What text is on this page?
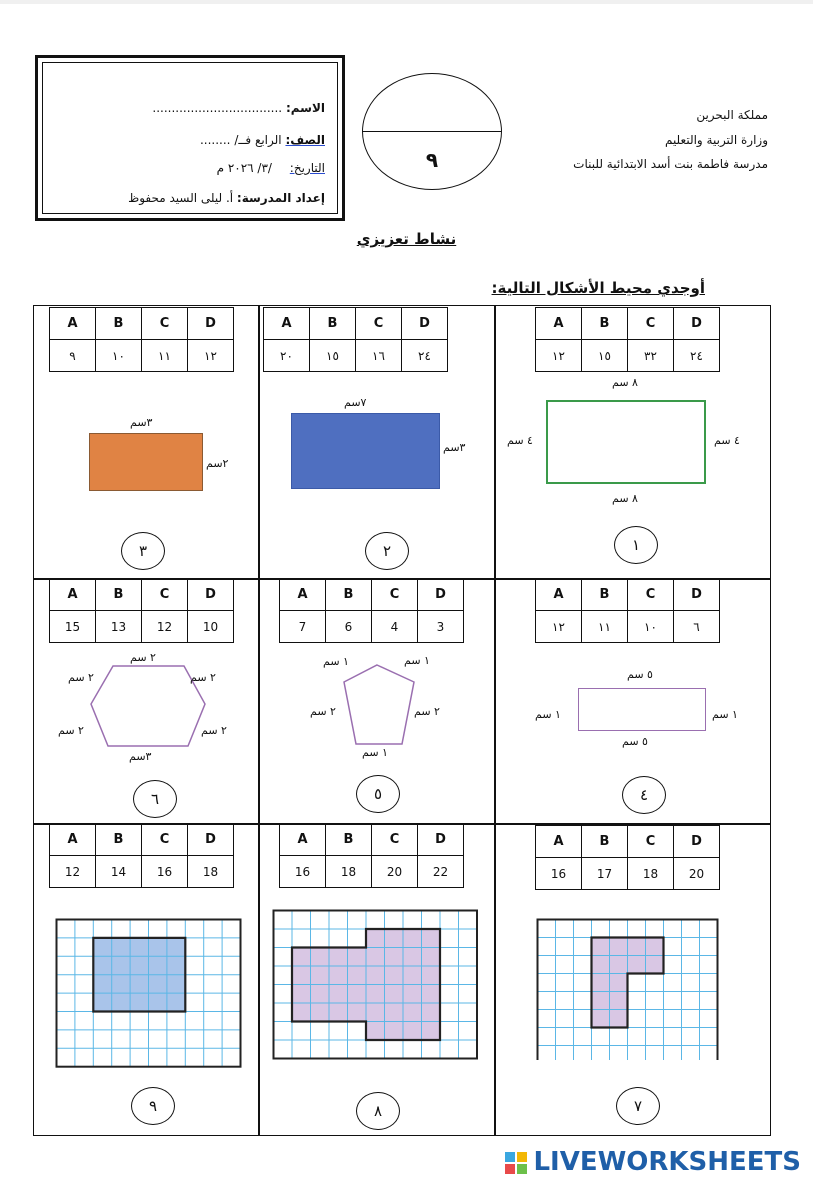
الاسم: ..................................
الصف: الرابع فــ/ ........
التاريخ: /٣/ ٢٠٢٦ م
إعداد المدرسة: أ. ليلى السيد محفوظ
٩
مملكة البحرين
وزارة التربية والتعليم
مدرسة فاطمة بنت أسد الابتدائية للبنات
نشاط تعزيزي
أوجدي محيط الأشكال التالية:
A	B	C	D
٩	١٠	١١	١٢
A	B	C	D
٢٠	١٥	١٦	٢٤
A	B	C	D
١٢	١٥	٣٢	٢٤
A	B	C	D
15	13	12	10
A	B	C	D
7	6	4	3
A	B	C	D
١٢	١١	١٠	٦
A	B	C	D
12	14	16	18
A	B	C	D
16	18	20	22
A	B	C	D
16	17	18	20
٨ سم
٨ سم
٤ سم	٤ سم
٧سم
٣سم
٣سم
٢سم
٥ سم
٥ سم
١ سم	١ سم
١ سم	١ سم
٢ سم	٢ سم
١ سم
٢ سم
٢ سم	٢ سم
٢ سم	٢ سم
٣سم
٣	٢	١
٦	٥	٤
٩	٨	٧
LIVEWORKSHEETS
